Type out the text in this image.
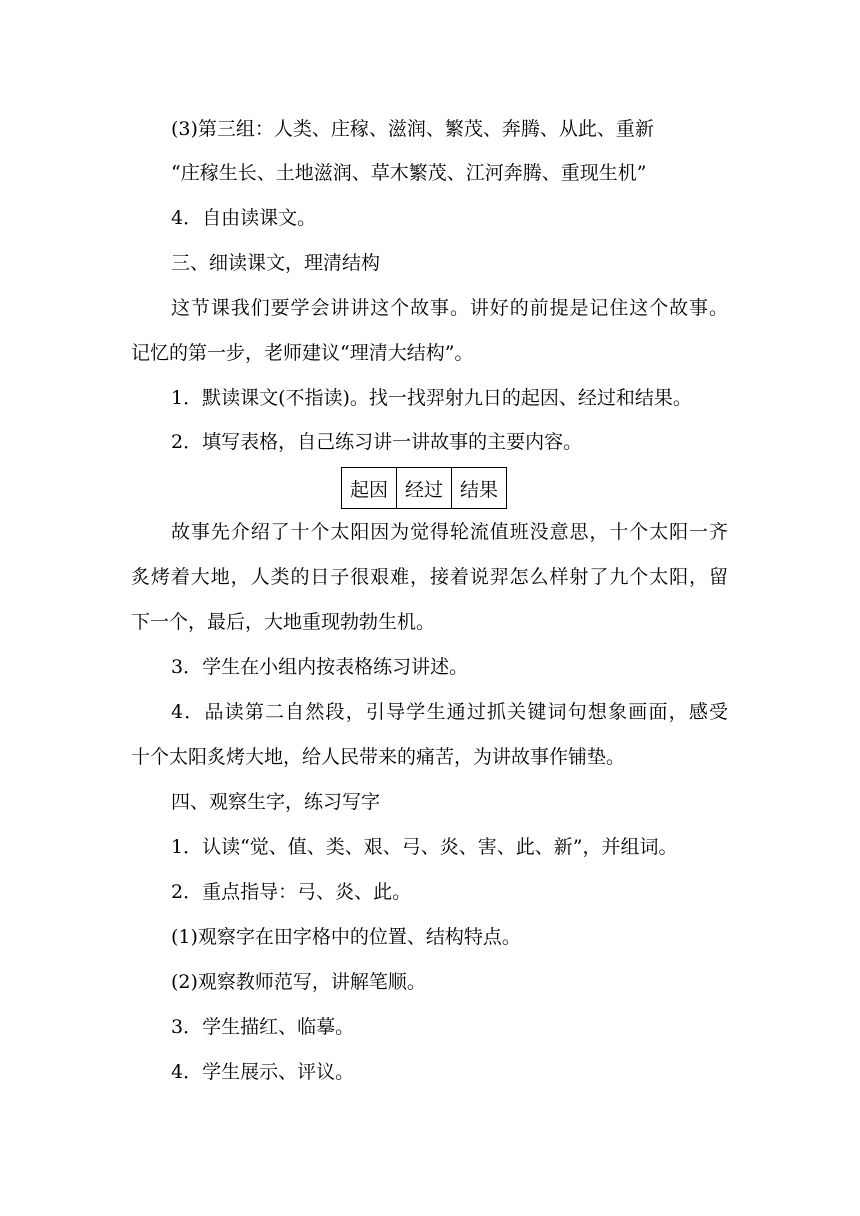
(3)第三组：人类、庄稼、滋润、繁茂、奔腾、从此、重新
“庄稼生长、土地滋润、草木繁茂、江河奔腾、重现生机”
4．自由读课文。
三、细读课文，理清结构
这节课我们要学会讲讲这个故事。讲好的前提是记住这个故事。
记忆的第一步，老师建议“理清大结构”。
1．默读课文(不指读)。找一找羿射九日的起因、经过和结果。
2．填写表格，自己练习讲一讲故事的主要内容。
起因	经过	结果
故事先介绍了十个太阳因为觉得轮流值班没意思，十个太阳一齐
炙烤着大地，人类的日子很艰难，接着说羿怎么样射了九个太阳，留
下一个，最后，大地重现勃勃生机。
3．学生在小组内按表格练习讲述。
4．品读第二自然段，引导学生通过抓关键词句想象画面，感受
十个太阳炙烤大地，给人民带来的痛苦，为讲故事作铺垫。
四、观察生字，练习写字
1．认读“觉、值、类、艰、弓、炎、害、此、新”，并组词。
2．重点指导：弓、炎、此。
(1)观察字在田字格中的位置、结构特点。
(2)观察教师范写，讲解笔顺。
3．学生描红、临摹。
4．学生展示、评议。
